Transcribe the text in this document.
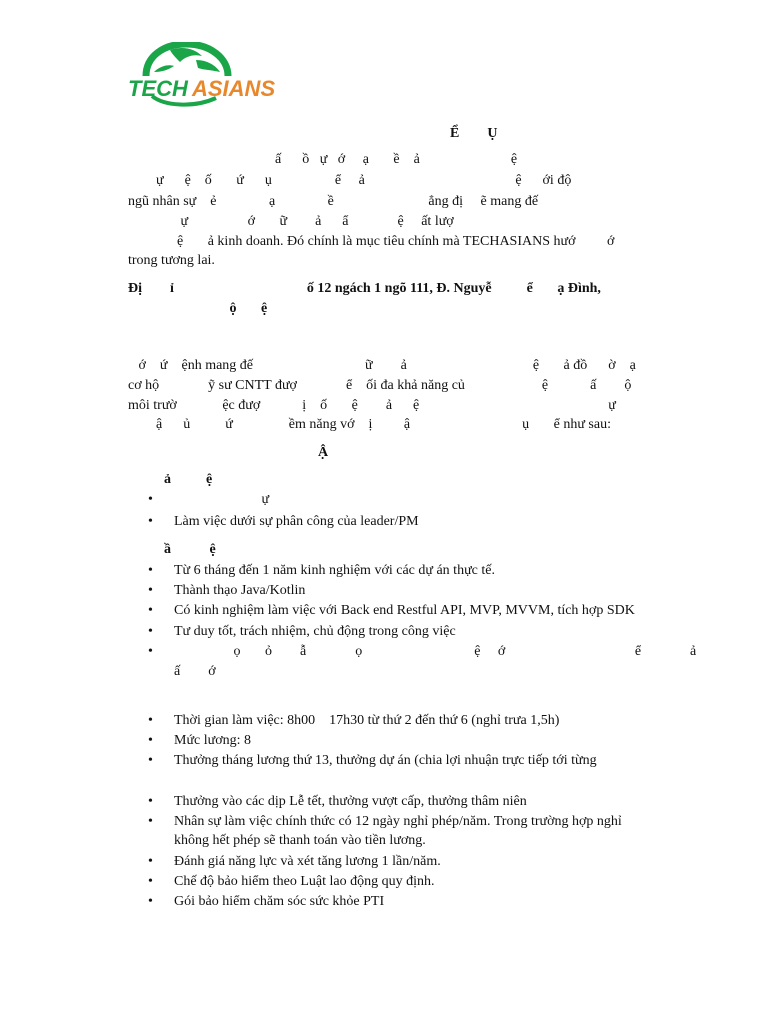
TECH ASIANS
Ể        Ụ
ấ      ồ   ự   ớ     ạ       ề    ả                          ệ
ự      ệ    ố       ứ      ụ                  ể     ả                                           ệ      ới độ
ngũ nhân sự    ẻ               ạ               ề                           ẳng đị     ẽ mang đế
ự                 ớ       ữ        ả      ẩ              ệ     ất lượ
ệ       ả kinh doanh. Đó chính là mục tiêu chính mà TECHASIANS hướ         ớ
trong tương lai.
Đị        ỉ                                      ố 12 ngách 1 ngõ 111, Đ. Nguyễ          ể       ạ Đình,
ộ       ệ
ớ    ứ    ệnh mang đế                                ữ        ả                                    ệ       ả đồ      ờ    ạ
cơ hộ              ỹ sư CNTT đượ              ể    ối đa khả năng củ                      ệ            ấ        ộ
môi trườ             ệc đượ            ị    ố       ệ        ả      ệ                                                      ự
ậ      ủ          ứ                ềm năng vớ    ị         ậ                                ụ       ể như sau:
Ậ
ả          ệ
• ự
• Làm việc dưới sự phân công của leader/PM
ầ           ệ
• Từ 6 tháng đến 1 năm kinh nghiệm với các dự án thực tế.
• Thành thạo Java/Kotlin
• Có kinh nghiệm làm việc với Back end Restful API, MVP, MVVM, tích hợp SDK
• Tư duy tốt, trách nhiệm, chủ động trong công việc
• ọ       ỏ        ẫ              ọ                                ệ     ớ                                     ể              ả
ấ        ớ
• Thời gian làm việc: 8h00    17h30 từ thứ 2 đến thứ 6 (nghỉ trưa 1,5h)
• Mức lương: 8
• Thưởng tháng lương thứ 13, thưởng dự án (chia lợi nhuận trực tiếp tới từng
• Thưởng vào các dịp Lễ tết, thưởng vượt cấp, thưởng thâm niên
• Nhân sự làm việc chính thức có 12 ngày nghỉ phép/năm. Trong trường hợp nghỉ
không hết phép sẽ thanh toán vào tiền lương.
• Đánh giá năng lực và xét tăng lương 1 lần/năm.
• Chế độ bảo hiểm theo Luật lao động quy định.
• Gói bảo hiểm chăm sóc sức khỏe PTI
